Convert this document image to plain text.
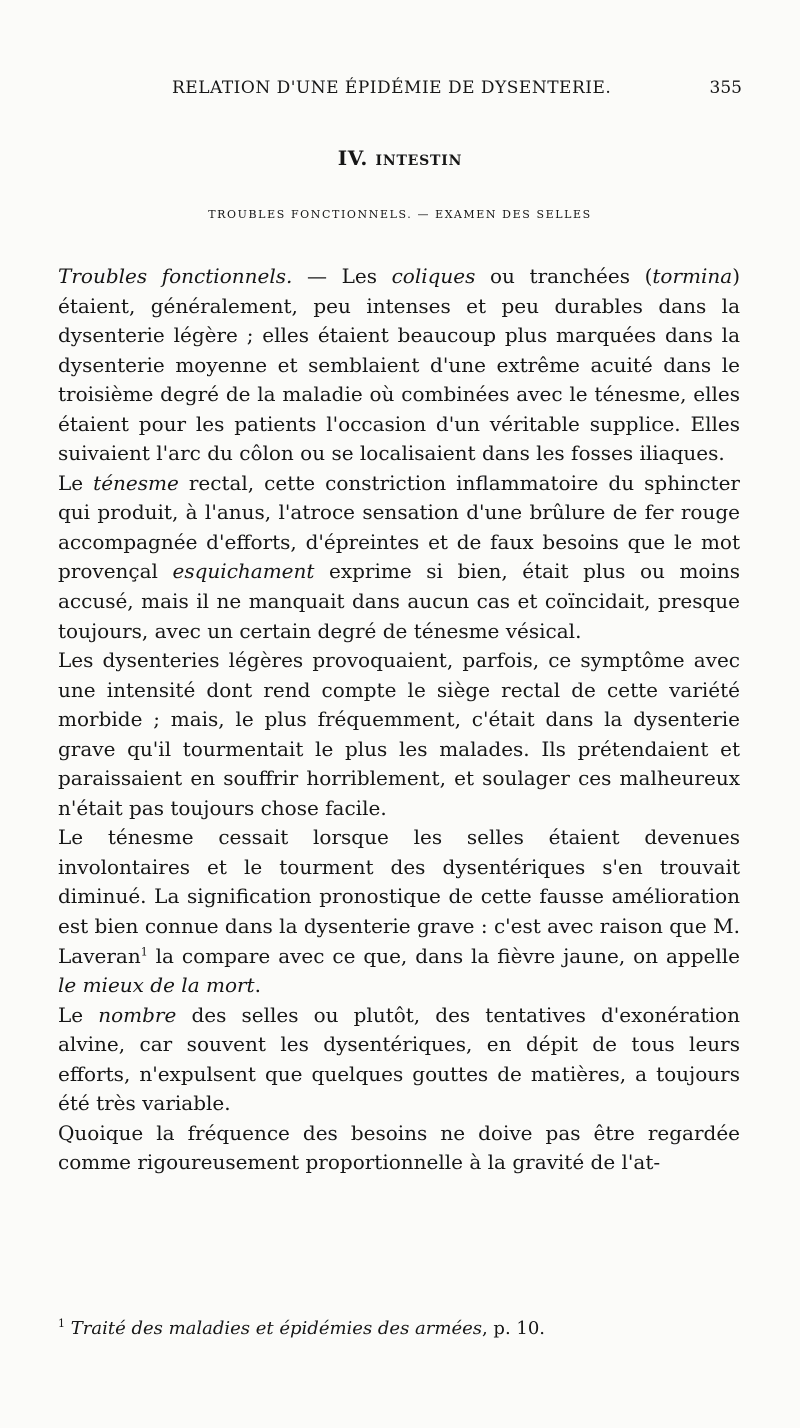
RELATION D'UNE ÉPIDÉMIE DE DYSENTERIE.	355
IV. INTESTIN
TROUBLES FONCTIONNELS. — EXAMEN DES SELLES

Troubles fonctionnels. — Les coliques ou tranchées (tormina) étaient, généralement, peu intenses et peu durables dans la dysenterie légère ; elles étaient beaucoup plus marquées dans la dysenterie moyenne et semblaient d'une extrême acuité dans le troisième degré de la maladie où combinées avec le ténesme, elles étaient pour les patients l'occasion d'un véritable supplice. Elles suivaient l'arc du côlon ou se localisaient dans les fosses iliaques.

Le ténesme rectal, cette constriction inflammatoire du sphincter qui produit, à l'anus, l'atroce sensation d'une brûlure de fer rouge accompagnée d'efforts, d'épreintes et de faux besoins que le mot provençal esquichament exprime si bien, était plus ou moins accusé, mais il ne manquait dans aucun cas et coïncidait, presque toujours, avec un certain degré de ténesme vésical.

Les dysenteries légères provoquaient, parfois, ce symptôme avec une intensité dont rend compte le siège rectal de cette variété morbide ; mais, le plus fréquemment, c'était dans la dysenterie grave qu'il tourmentait le plus les malades. Ils prétendaient et paraissaient en souffrir horriblement, et soulager ces malheureux n'était pas toujours chose facile.

Le ténesme cessait lorsque les selles étaient devenues involontaires et le tourment des dysentériques s'en trouvait diminué. La signification pronostique de cette fausse amélioration est bien connue dans la dysenterie grave : c'est avec raison que M. Laveran$^1$ la compare avec ce que, dans la fièvre jaune, on appelle le mieux de la mort.

Le nombre des selles ou plutôt, des tentatives d'exonération alvine, car souvent les dysentériques, en dépit de tous leurs efforts, n'expulsent que quelques gouttes de matières, a toujours été très variable.

Quoique la fréquence des besoins ne doive pas être regardée comme rigoureusement proportionnelle à la gravité de l'at-

$^1$ Traité des maladies et épidémies des armées, p. 10.
